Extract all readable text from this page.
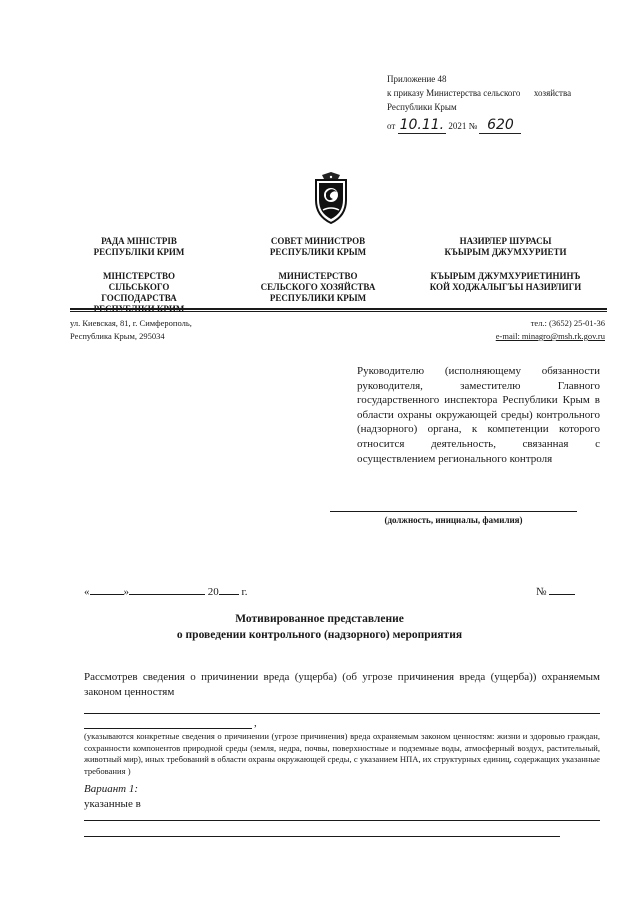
Приложение 48
к приказу Министерства сельского      хозяйства
Республики Крым
от 10.11. 2021 № 620

РАДА МІНІСТРІВ

РЕСПУБЛІКИ КРИМ

МІНІСТЕРСТВО

СІЛЬСЬКОГО

ГОСПОДАРСТВА

СОВЕТ МИНИСТРОВ

РЕСПУБЛИКИ КРЫМ

МИНИСТЕРСТВО

СЕЛЬСКОГО ХОЗЯЙСТВА

РЕСПУБЛИКИ КРЫМ

НАЗИРЛЕР ШУРАСЫ

КЪЫРЫМ ДЖУМХУРИЕТИ

КЪЫРЫМ ДЖУМХУРИЕТИНИНЪ

КОЙ ХОДЖАЛЫГЪЫ НАЗИРЛИГИ

ул. Киевская, 81, г. Симферополь,
Республика Крым, 295034
тел.: (3652) 25-01-36
e-mail: minagro@msh.rk.gov.ru
Руководителю (исполняющему обязанности руководителя, заместителю Главного государственного инспектора Республики Крым в области охраны окружающей среды) контрольного (надзорного) органа, к компетенции которого относится деятельность, связанная с осуществлением регионального контроля
(должность, инициалы, фамилия)
«	»	20 г.	№
Мотивированное представление
о проведении контрольного (надзорного) мероприятия
Рассмотрев сведения о причинении вреда (ущерба) (об угрозе причинения вреда (ущерба)) охраняемым законом ценностям
,
(указываются конкретные сведения о причинении (угрозе причинения) вреда охраняемым законом ценностям: жизни и здоровью граждан, сохранности компонентов природной среды (земля, недра, почвы, поверхностные и подземные воды, атмосферный воздух, растительный, животный мир), иных требований в области охраны окружающей среды, с указанием НПА, их структурных единиц, содержащих указанные требования )
Вариант 1:
указанные в
